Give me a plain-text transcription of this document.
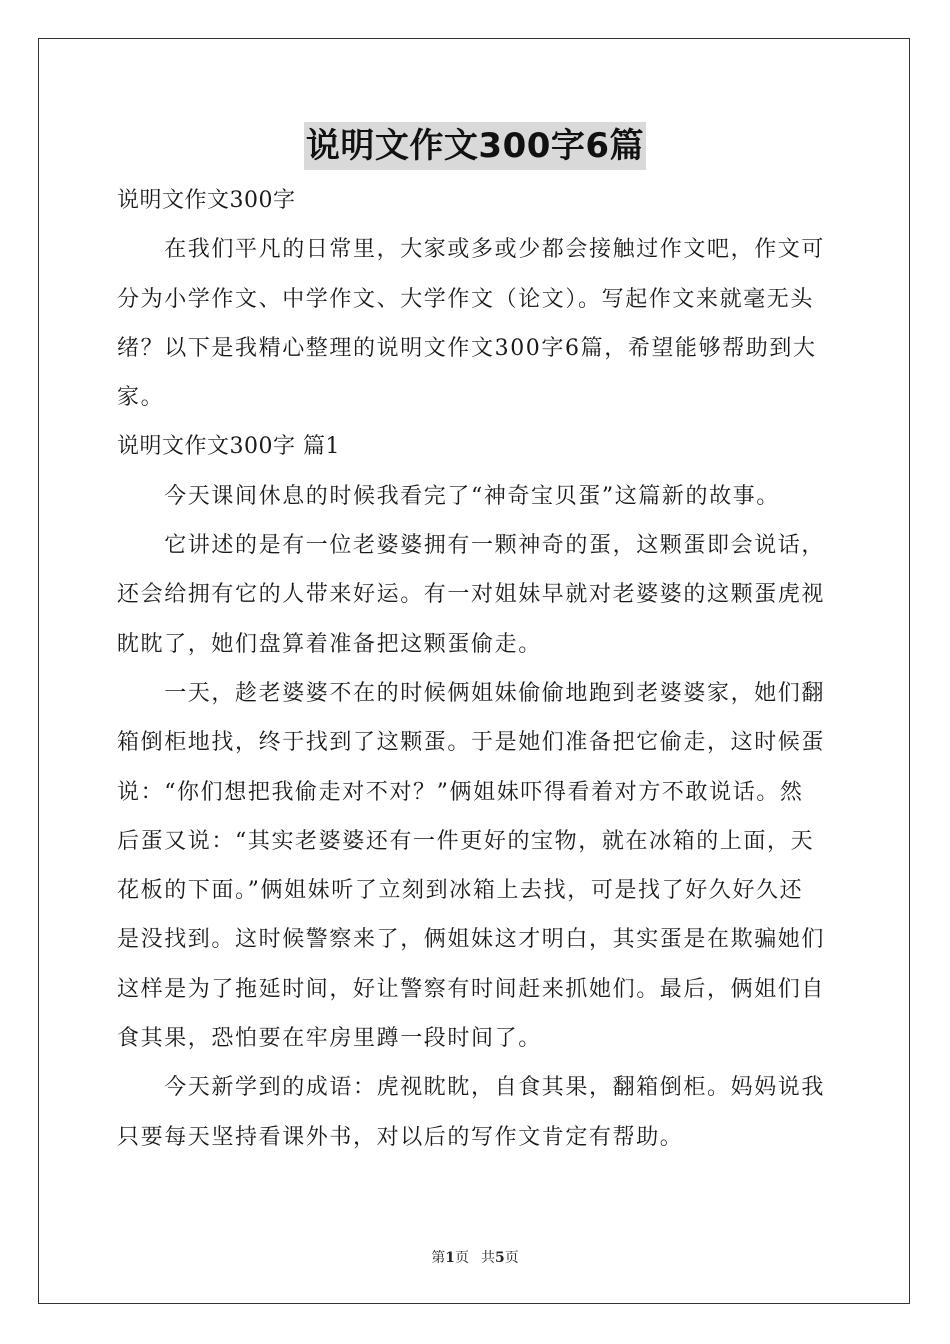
说明文作文300字6篇

说明文作文300字

　　在我们平凡的日常里，大家或多或少都会接触过作文吧，作文可

分为小学作文、中学作文、大学作文（论文）。写起作文来就毫无头

绪？以下是我精心整理的说明文作文300字6篇，希望能够帮助到大

家。

说明文作文300字 篇1

　　今天课间休息的时候我看完了“神奇宝贝蛋”这篇新的故事。

　　它讲述的是有一位老婆婆拥有一颗神奇的蛋，这颗蛋即会说话，

还会给拥有它的人带来好运。有一对姐妹早就对老婆婆的这颗蛋虎视

眈眈了，她们盘算着准备把这颗蛋偷走。

　　一天，趁老婆婆不在的时候俩姐妹偷偷地跑到老婆婆家，她们翻

箱倒柜地找，终于找到了这颗蛋。于是她们准备把它偷走，这时候蛋

说：“你们想把我偷走对不对？”俩姐妹吓得看着对方不敢说话。然

后蛋又说：“其实老婆婆还有一件更好的宝物，就在冰箱的上面，天

花板的下面。”俩姐妹听了立刻到冰箱上去找，可是找了好久好久还

是没找到。这时候警察来了，俩姐妹这才明白，其实蛋是在欺骗她们

这样是为了拖延时间，好让警察有时间赶来抓她们。最后，俩姐们自

食其果，恐怕要在牢房里蹲一段时间了。

　　今天新学到的成语：虎视眈眈，自食其果，翻箱倒柜。妈妈说我

只要每天坚持看课外书，对以后的写作文肯定有帮助。

第1页 共5页
